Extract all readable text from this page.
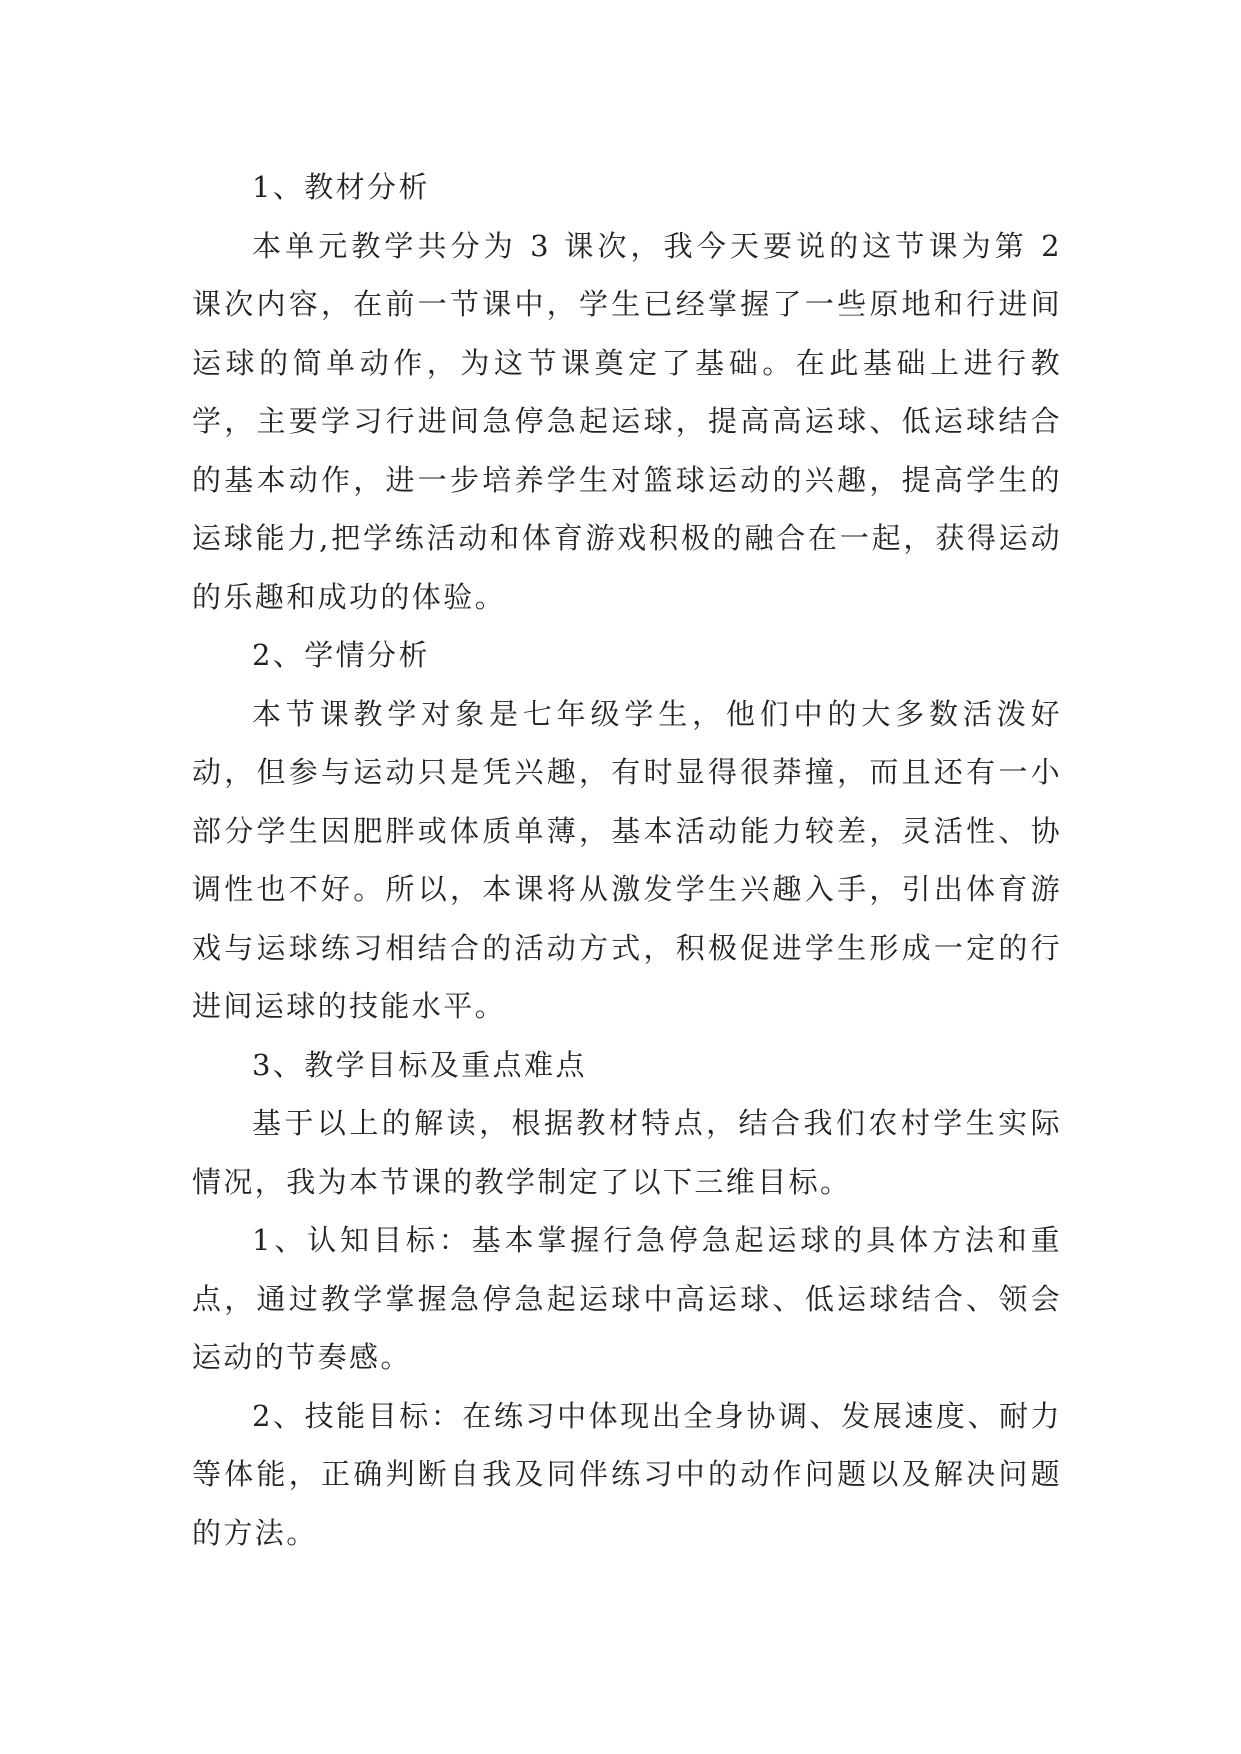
1、教材分析

本单元教学共分为 3 课次，我今天要说的这节课为第 2 课次内容，在前一节课中，学生已经掌握了一些原地和行进间运球的简单动作，为这节课奠定了基础。在此基础上进行教学，主要学习行进间急停急起运球，提高高运球、低运球结合的基本动作，进一步培养学生对篮球运动的兴趣，提高学生的运球能力,把学练活动和体育游戏积极的融合在一起，获得运动的乐趣和成功的体验。

2、学情分析

本节课教学对象是七年级学生，他们中的大多数活泼好动，但参与运动只是凭兴趣，有时显得很莽撞，而且还有一小部分学生因肥胖或体质单薄，基本活动能力较差，灵活性、协调性也不好。所以，本课将从激发学生兴趣入手，引出体育游戏与运球练习相结合的活动方式，积极促进学生形成一定的行进间运球的技能水平。

3、教学目标及重点难点

基于以上的解读，根据教材特点，结合我们农村学生实际情况，我为本节课的教学制定了以下三维目标。

1、认知目标：基本掌握行急停急起运球的具体方法和重点，通过教学掌握急停急起运球中高运球、低运球结合、领会运动的节奏感。

2、技能目标：在练习中体现出全身协调、发展速度、耐力等体能，正确判断自我及同伴练习中的动作问题以及解决问题的方法。
